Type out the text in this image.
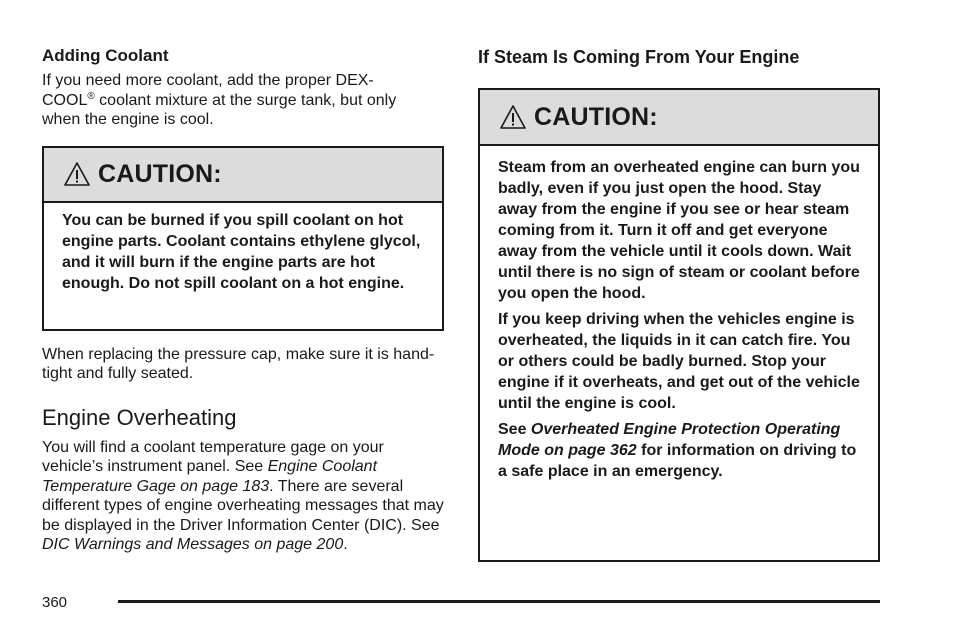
Adding Coolant

If you need more coolant, add the proper DEX-COOL® coolant mixture at the surge tank, but only when the engine is cool.

CAUTION:

You can be burned if you spill coolant on hot engine parts. Coolant contains ethylene glycol, and it will burn if the engine parts are hot enough. Do not spill coolant on a hot engine.

When replacing the pressure cap, make sure it is hand-tight and fully seated.

Engine Overheating

You will find a coolant temperature gage on your vehicle’s instrument panel. See Engine Coolant Temperature Gage on page 183. There are several different types of engine overheating messages that may be displayed in the Driver Information Center (DIC). See DIC Warnings and Messages on page 200.

If Steam Is Coming From Your Engine
CAUTION:

Steam from an overheated engine can burn you badly, even if you just open the hood. Stay away from the engine if you see or hear steam coming from it. Turn it off and get everyone away from the vehicle until it cools down. Wait until there is no sign of steam or coolant before you open the hood.

If you keep driving when the vehicles engine is overheated, the liquids in it can catch fire. You or others could be badly burned. Stop your engine if it overheats, and get out of the vehicle until the engine is cool.

See Overheated Engine Protection Operating Mode on page 362 for information on driving to a safe place in an emergency.

360
